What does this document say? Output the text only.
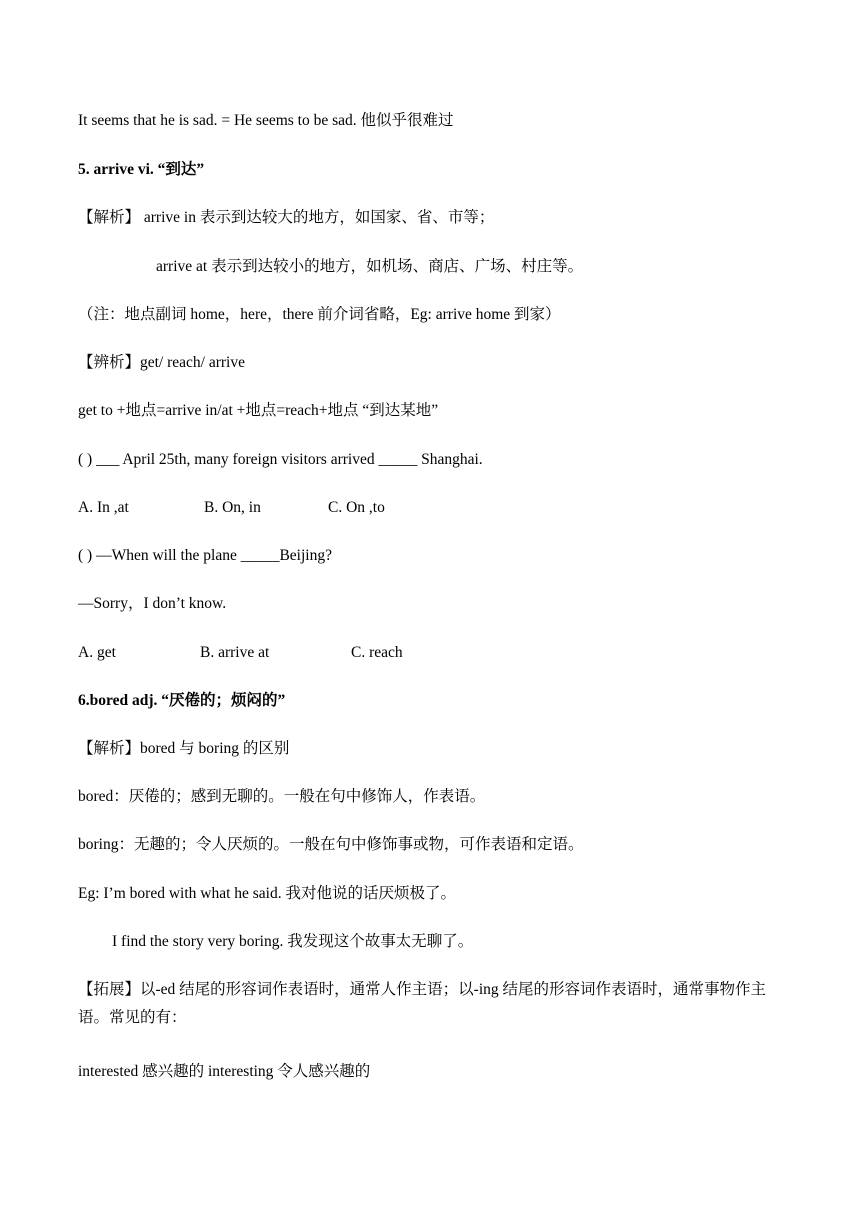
It seems that he is sad. = He seems to be sad. 他似乎很难过
5. arrive vi. “到达”
【解析】 arrive in 表示到达较大的地方，如国家、省、市等；
arrive at 表示到达较小的地方，如机场、商店、广场、村庄等。
（注：地点副词 home，here，there 前介词省略，Eg: arrive home 到家）
【辨析】get/ reach/ arrive
get to +地点=arrive in/at +地点=reach+地点 “到达某地”
( ) ___ April 25th, many foreign visitors arrived _____ Shanghai.
A. In ,at	B. On, in	C. On ,to
( ) —When will the plane _____Beijing?
—Sorry，I don’t know.
A. get	B. arrive at	C. reach
6.bored adj. “厌倦的；烦闷的”
【解析】bored 与 boring 的区别
bored：厌倦的；感到无聊的。一般在句中修饰人，作表语。
boring：无趣的；令人厌烦的。一般在句中修饰事或物，可作表语和定语。
Eg: I’m bored with what he said. 我对他说的话厌烦极了。
I find the story very boring. 我发现这个故事太无聊了。
【拓展】以-ed 结尾的形容词作表语时，通常人作主语；以-ing 结尾的形容词作表语时，通常事物作主语。常见的有：
interested 感兴趣的 interesting 令人感兴趣的
